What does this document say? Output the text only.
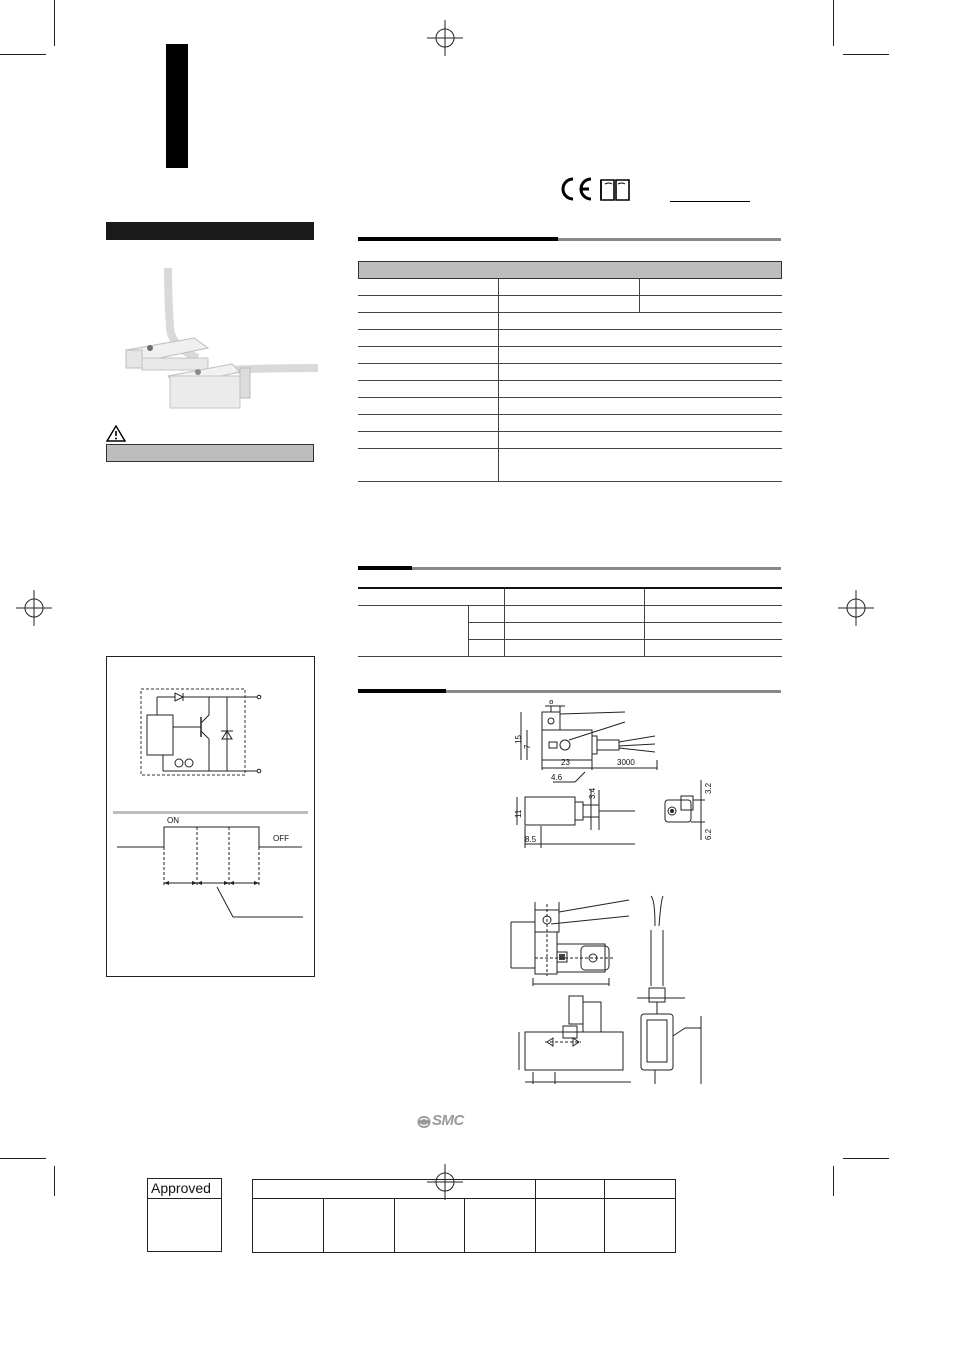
ON
OFF

8
15
7
23	3000
4.6
3.4
11
8.5
3.2
6.2
SMC
Approved
